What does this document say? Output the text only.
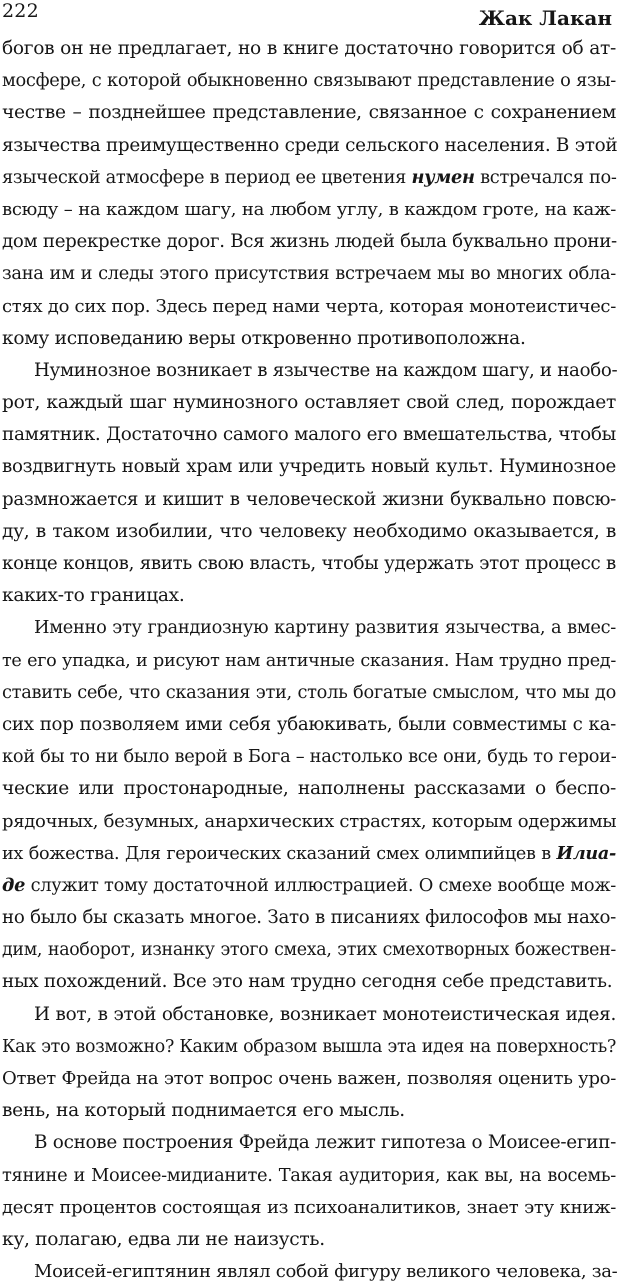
222	Жак Лакан
богов он не предлагает, но в книге достаточно говорится об ат-
мосфере, с которой обыкновенно связывают представление о язы-
честве – позднейшее представление, связанное с сохранением
язычества преимущественно среди сельского населения. В этой
языческой атмосфере в период ее цветения нумен встречался по-
всюду – на каждом шагу, на любом углу, в каждом гроте, на каж-
дом перекрестке дорог. Вся жизнь людей была буквально прони-
зана им и следы этого присутствия встречаем мы во многих обла-
стях до сих пор. Здесь перед нами черта, которая монотеистичес-
кому исповеданию веры откровенно противоположна.
Нуминозное возникает в язычестве на каждом шагу, и наобо-
рот, каждый шаг нуминозного оставляет свой след, порождает
памятник. Достаточно самого малого его вмешательства, чтобы
воздвигнуть новый храм или учредить новый культ. Нуминозное
размножается и кишит в человеческой жизни буквально повсю-
ду, в таком изобилии, что человеку необходимо оказывается, в
конце концов, явить свою власть, чтобы удержать этот процесс в
каких-то границах.
Именно эту грандиозную картину развития язычества, а вмес-
те его упадка, и рисуют нам античные сказания. Нам трудно пред-
ставить себе, что сказания эти, столь богатые смыслом, что мы до
сих пор позволяем ими себя убаюкивать, были совместимы с ка-
кой бы то ни было верой в Бога – настолько все они, будь то герои-
ческие или простонародные, наполнены рассказами о беспо-
рядочных, безумных, анархических страстях, которым одержимы
их божества. Для героических сказаний смех олимпийцев в Илиа-
де служит тому достаточной иллюстрацией. О смехе вообще мож-
но было бы сказать многое. Зато в писаниях философов мы нахо-
дим, наоборот, изнанку этого смеха, этих смехотворных божествен-
ных похождений. Все это нам трудно сегодня себе представить.
И вот, в этой обстановке, возникает монотеистическая идея.
Как это возможно? Каким образом вышла эта идея на поверхность?
Ответ Фрейда на этот вопрос очень важен, позволяя оценить уро-
вень, на который поднимается его мысль.
В основе построения Фрейда лежит гипотеза о Моисее-егип-
тянине и Моисее-мидианите. Такая аудитория, как вы, на восемь-
десят процентов состоящая из психоаналитиков, знает эту книж-
ку, полагаю, едва ли не наизусть.
Моисей-египтянин являл собой фигуру великого человека, за-
